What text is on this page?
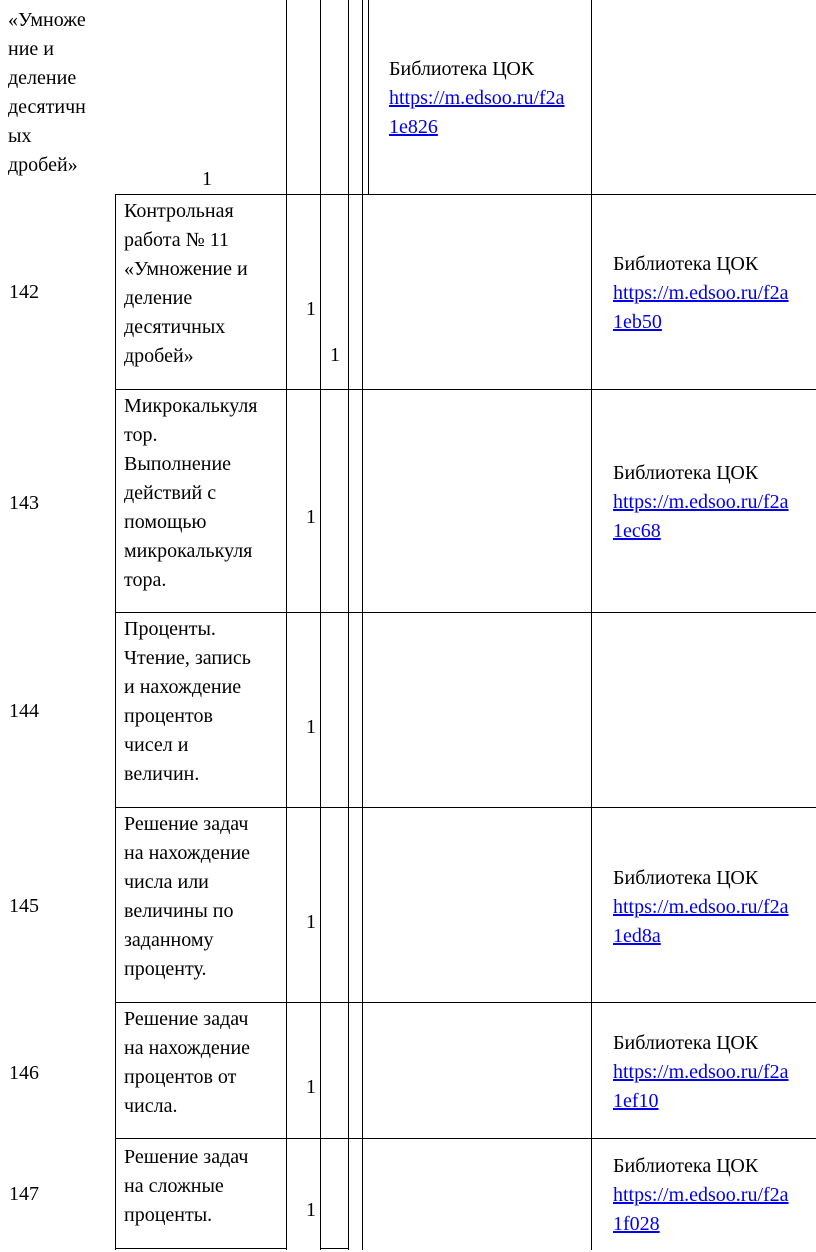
«Умноже
ние и
деление
десятичн
ых
дробей»
1
Библиотека ЦОК
https://m.edsoo.ru/f2a
1e826
142
Контрольная
работа № 11
«Умножение и
деление
десятичных
дробей»
1
1
Библиотека ЦОК
https://m.edsoo.ru/f2a
1eb50
143
Микрокалькуля
тор.
Выполнение
действий с
помощью
микрокалькуля
тора.
1
Библиотека ЦОК
https://m.edsoo.ru/f2a
1ec68
144
Проценты.
Чтение, запись
и нахождение
процентов
чисел и
величин.
1
145
Решение задач
на нахождение
числа или
величины по
заданному
проценту.
1
Библиотека ЦОК
https://m.edsoo.ru/f2a
1ed8a
146
Решение задач
на нахождение
процентов от
числа.
1
Библиотека ЦОК
https://m.edsoo.ru/f2a
1ef10
147
Решение задач
на сложные
проценты.	1
Библиотека ЦОК
https://m.edsoo.ru/f2a
1f028
